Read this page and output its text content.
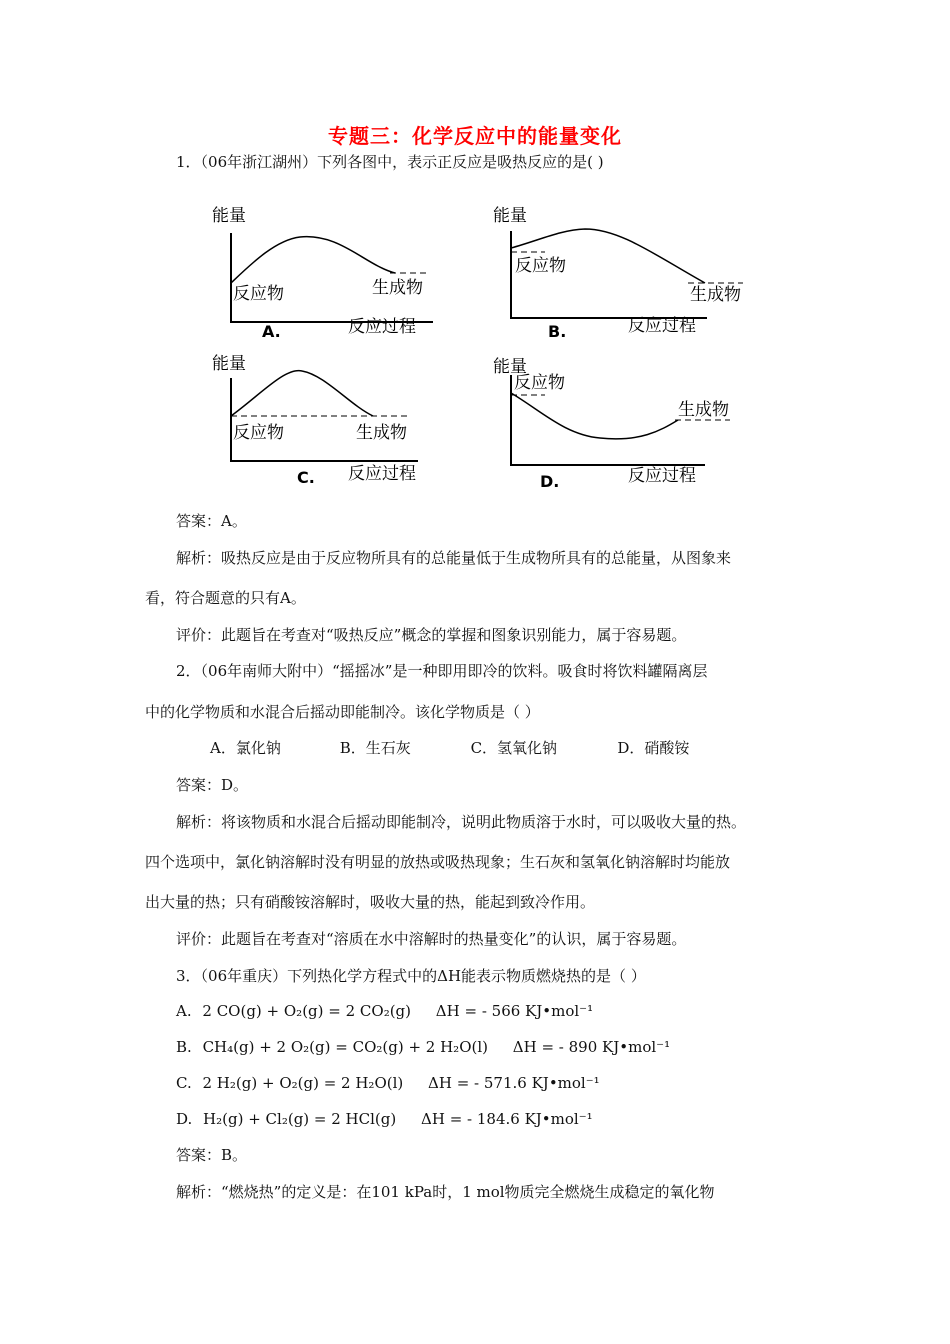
专题三：化学反应中的能量变化
1．（06年浙江湖州）下列各图中，表示正反应是吸热反应的是( )
能量
反应物	生成物
反应过程
A.
能量
反应物
生成物
反应过程
B.
能量
反应物	生成物
反应过程
C.
能量
反应物
生成物
反应过程
D.
答案：A。
解析：吸热反应是由于反应物所具有的总能量低于生成物所具有的总能量，从图象来
看，符合题意的只有A。
评价：此题旨在考查对“吸热反应”概念的掌握和图象识别能力，属于容易题。
2．（06年南师大附中）“摇摇冰”是一种即用即冷的饮料。吸食时将饮料罐隔离层
中的化学物质和水混合后摇动即能制冷。该化学物质是（ ）
A．氯化钠	B．生石灰	C．氢氧化钠	D．硝酸铵
答案：D。
解析：将该物质和水混合后摇动即能制冷，说明此物质溶于水时，可以吸收大量的热。
四个选项中，氯化钠溶解时没有明显的放热或吸热现象；生石灰和氢氧化钠溶解时均能放
出大量的热；只有硝酸铵溶解时，吸收大量的热，能起到致冷作用。
评价：此题旨在考查对“溶质在水中溶解时的热量变化”的认识，属于容易题。
3．（06年重庆）下列热化学方程式中的ΔH能表示物质燃烧热的是（ ）
A. 2 CO(g) + O₂(g) = 2 CO₂(g) ΔH = - 566 KJ•mol⁻¹
B. CH₄(g) + 2 O₂(g) = CO₂(g) + 2 H₂O(l) ΔH = - 890 KJ•mol⁻¹
C. 2 H₂(g) + O₂(g) = 2 H₂O(l) ΔH = - 571.6 KJ•mol⁻¹
D. H₂(g) + Cl₂(g) = 2 HCl(g) ΔH = - 184.6 KJ•mol⁻¹
答案：B。
解析：“燃烧热”的定义是：在101 kPa时，1 mol物质完全燃烧生成稳定的氧化物
